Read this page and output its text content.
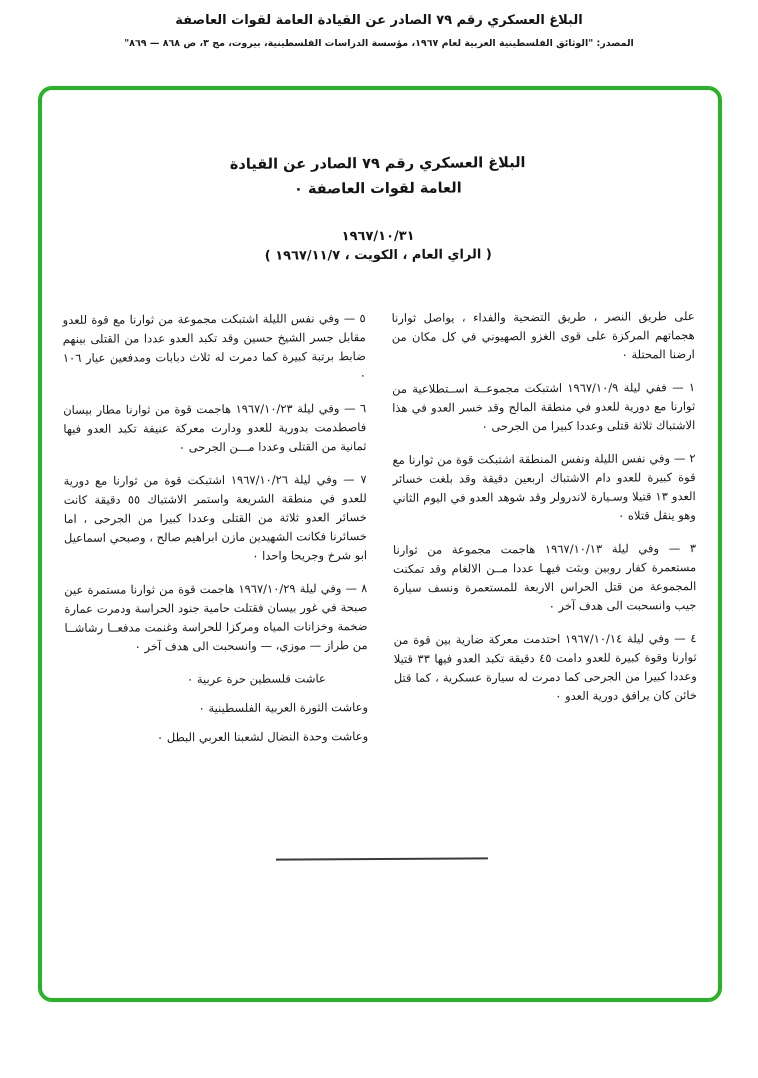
البلاغ العسكري رقم ٧٩ الصادر عن القيادة العامة لقوات العاصفة
المصدر: "الوثائق الفلسطينية العربية لعام ١٩٦٧، مؤسسة الدراسات الفلسطينية، بيروت، مج ٣، ص ٨٦٨ — ٨٦٩"
البلاغ العسكري رقم ٧٩ الصادر عن القيادة
العامة لقوات العاصفة ٠
١٩٦٧/١٠/٣١
( الراي العام ، الكويت ، ١٩٦٧/١١/٧ )

على طريق النصر ، طريق التضحية والفداء ، يواصل ثوارنا هجماتهم المركزة على قوى الغزو الصهيوني في كل مكان من ارضنا المحتلة ٠

١ — ففي ليلة ١٩٦٧/١٠/٩ اشتبكت مجموعــة اســتطلاعية من ثوارنا مع دورية للعدو في منطقة المالح وقد خسر العدو في هذا الاشتباك ثلاثة قتلى وعددا كبيرا من الجرحى ٠

٢ — وفي نفس الليلة ونفس المنطقة اشتبكت قوة من ثوارنا مع قوة كبيرة للعدو دام الاشتباك اربعين دقيقة وقد بلغت خسائر العدو ١٣ قتيلا وسـيارة لاندرولر وقد شوهد العدو في اليوم الثاني وهو ينقل قتلاه ٠

٣ — وفي ليلة ١٩٦٧/١٠/١٣ هاجمت مجموعة من ثوارنا مستعمرة كفار روبين وبثت فيهـا عددا مــن الالغام وقد تمكنت المجموعة من قتل الحراس الاربعة للمستعمرة ونسف سيارة جيب وانسحبت الى هدف آخر ٠

٤ — وفي ليلة ١٩٦٧/١٠/١٤ احتدمت معركة ضارية بين قوة من ثوارنا وقوة كبيرة للعدو دامت ٤٥ دقيقة تكبد العدو فيها ٣٣ قتيلا وعددا كبيرا من الجرحى كما دمرت له سيارة عسكرية ، كما قتل خائن كان يرافق دورية العدو ٠

٥ — وفي نفس الليلة اشتبكت مجموعة من ثوارنا مع قوة للعدو مقابل جسر الشيخ حسين وقد تكبد العدو عددا من القتلى بينهم ضابط برتبة كبيرة كما دمرت له ثلاث دبابات ومدفعين عيار ١٠٦ ٠

٦ — وفي ليلة ١٩٦٧/١٠/٢٣ هاجمت قوة من ثوارنا مطار بيسان فاصطدمت بدورية للعدو ودارت معركة عنيفة تكبد العدو فيها ثمانية من القتلى وعددا مـــن الجرحى ٠

٧ — وفي ليلة ١٩٦٧/١٠/٢٦ اشتبكت قوة من ثوارنا مع دورية للعدو في منطقة الشريعة واستمر الاشتباك ٥٥ دقيقة كانت خسائر العدو ثلاثة من القتلى وعددا كبيرا من الجرحى ، اما خسائرنا فكانت الشهيدين مازن ابراهيم صالح ، وصبحي اسماعيل ابو شرخ وجريحا واحدا ٠

٨ — وفي ليلة ١٩٦٧/١٠/٢٩ هاجمت قوة من ثوارنا مستمرة عين صبحة في غور بيسان فقتلت حامية جنود الحراسة ودمرت عمارة ضخمة وخزانات المياه ومركزا للحراسة وغنمت مدفعــا رشاشــا من طراز — موزي، — وانسحبت الى هدف آخر ٠

عاشت فلسطين حرة عربية ٠

وعاشت الثورة العربية الفلسطينية ٠

وعاشت وحدة النضال لشعبنا العربي البطل ٠
